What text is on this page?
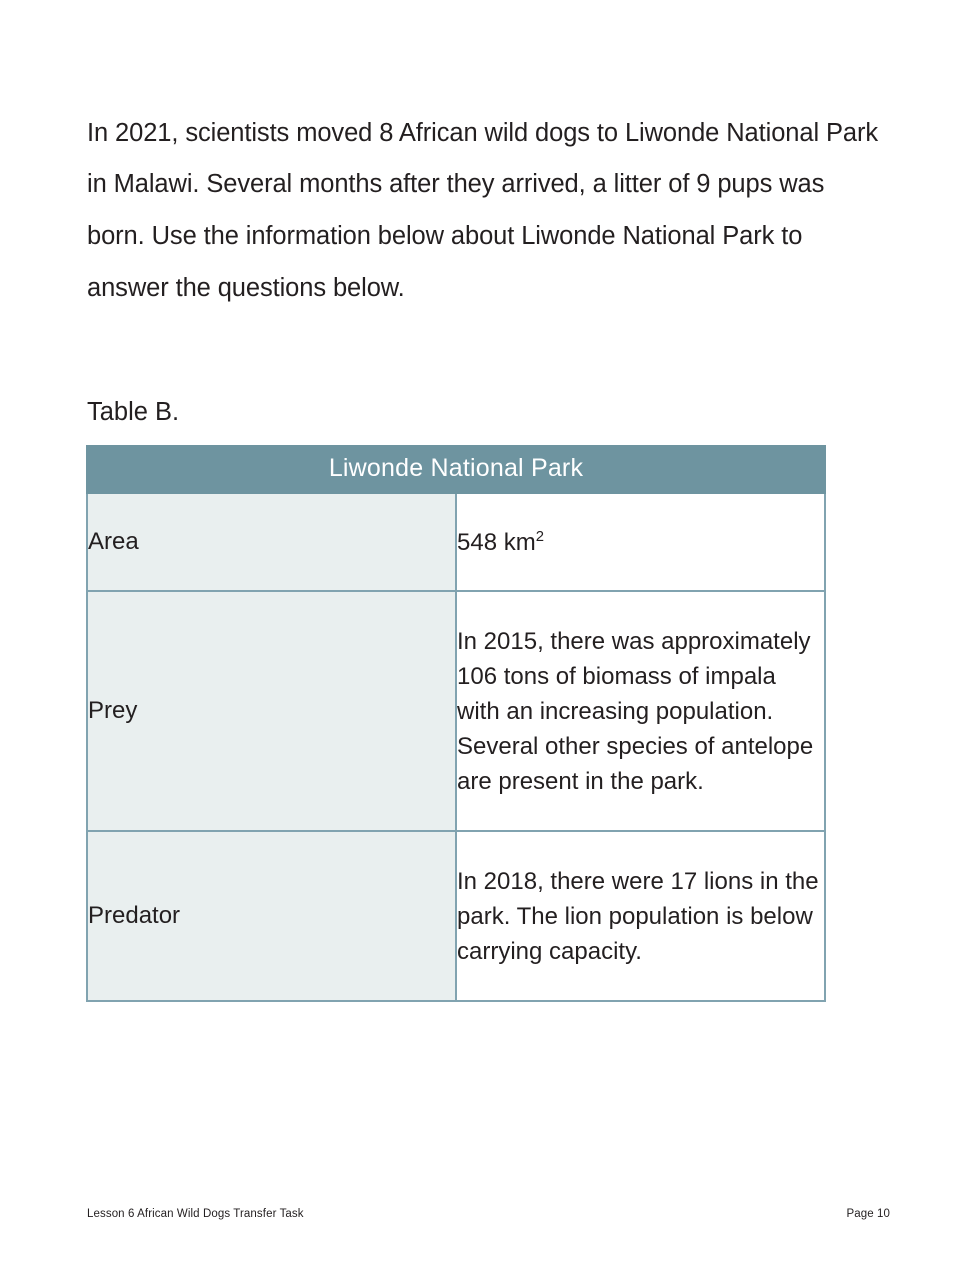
In 2021, scientists moved 8 African wild dogs to Liwonde National Park in Malawi. Several months after they arrived, a litter of 9 pups was born. Use the information below about Liwonde National Park to answer the questions below.

Table B.
Liwonde National Park	
Area	548 $km^2$

Prey	In 2015, there was approximately 106 tons of biomass of impala with an increasing population. Several other species of antelope are present in the park.
Predator	In 2018, there were 17 lions in the park. The lion population is below carrying capacity.
Lesson 6 African Wild Dogs Transfer Task	Page 10
